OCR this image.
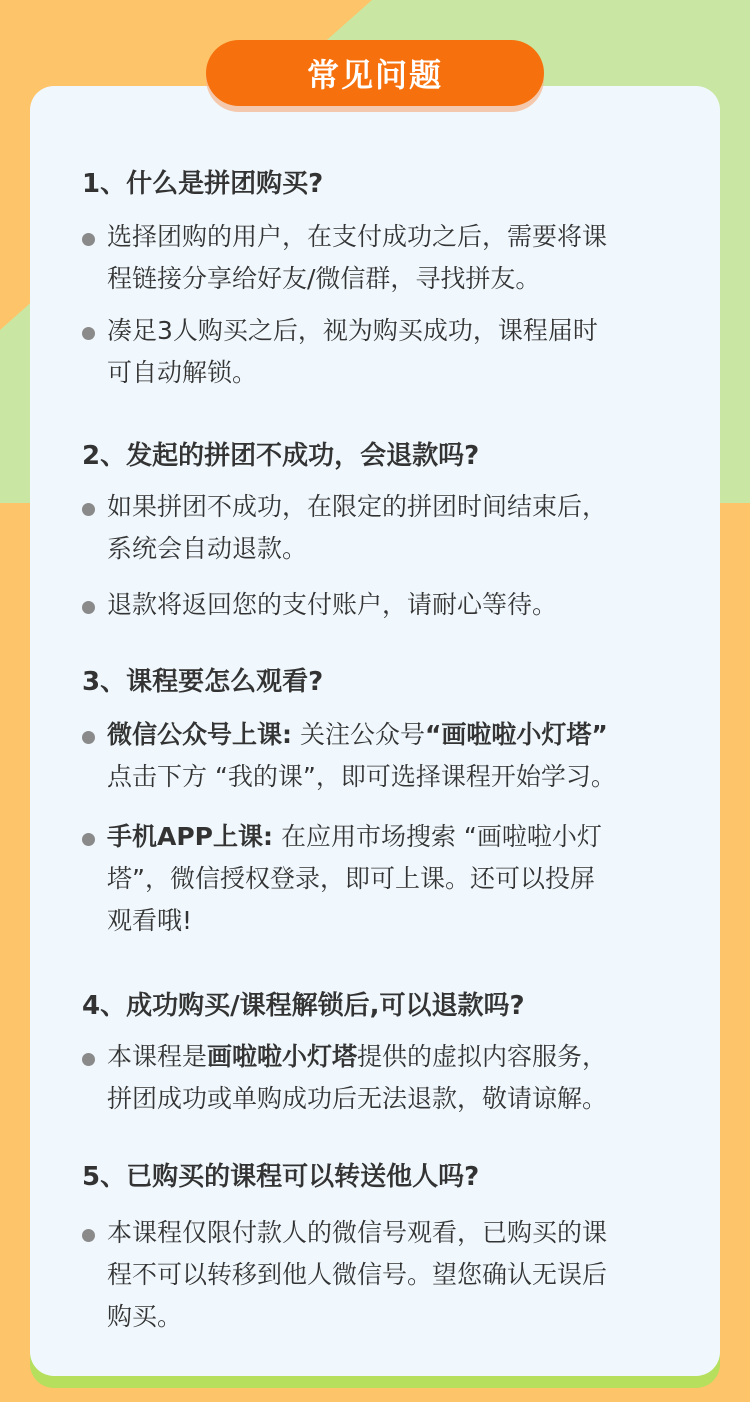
常见问题
1、什么是拼团购买?
选择团购的用户，在支付成功之后，需要将课
程链接分享给好友/微信群，寻找拼友。
凑足3人购买之后，视为购买成功，课程届时
可自动解锁。
2、发起的拼团不成功，会退款吗?
如果拼团不成功，在限定的拼团时间结束后，
系统会自动退款。
退款将返回您的支付账户，请耐心等待。
3、课程要怎么观看?
微信公众号上课: 关注公众号“画啦啦小灯塔”
点击下方 “我的课”，即可选择课程开始学习。
手机APP上课: 在应用市场搜索 “画啦啦小灯
塔”，微信授权登录，即可上课。还可以投屏
观看哦!
4、成功购买/课程解锁后,可以退款吗?
本课程是画啦啦小灯塔提供的虚拟内容服务，
拼团成功或单购成功后无法退款，敬请谅解。
5、已购买的课程可以转送他人吗?
本课程仅限付款人的微信号观看，已购买的课
程不可以转移到他人微信号。望您确认无误后
购买。
